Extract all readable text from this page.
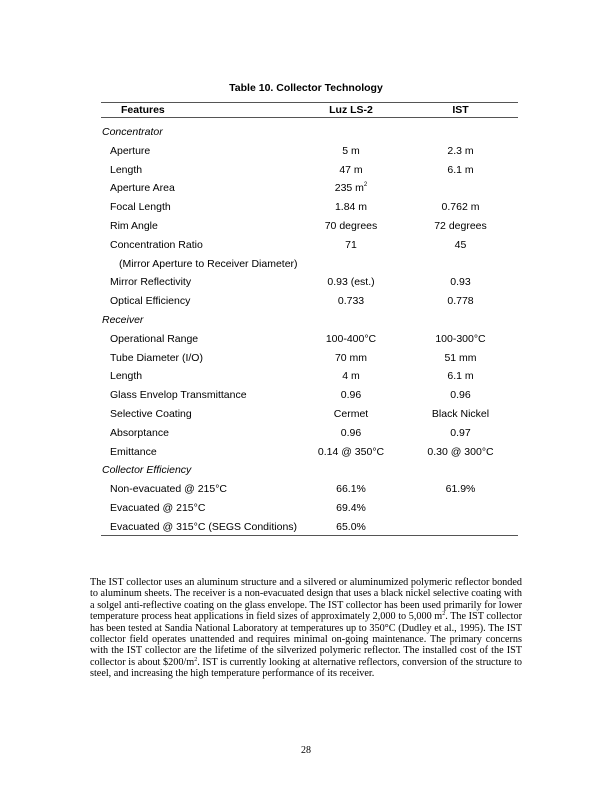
Table 10. Collector Technology
Features	Luz LS-2	IST
Concentrator
Aperture	5 m	2.3 m
Length	47 m	6.1 m
Aperture Area	235 $m^2$
Focal Length	1.84 m	0.762 m
Rim Angle	70 degrees	72 degrees
Concentration Ratio	71	45
(Mirror Aperture to Receiver Diameter)
Mirror Reflectivity	0.93 (est.)	0.93
Optical Efficiency	0.733	0.778
Receiver
Operational Range	100-400°C	100-300°C
Tube Diameter (I/O)	70 mm	51 mm
Length	4 m	6.1 m
Glass Envelop Transmittance	0.96	0.96
Selective Coating	Cermet	Black Nickel
Absorptance	0.96	0.97
Emittance	0.14 @ 350°C	0.30 @ 300°C
Collector Efficiency
Non-evacuated @ 215°C	66.1%	61.9%
Evacuated @ 215°C	69.4%
Evacuated @ 315°C (SEGS Conditions)	65.0%

The IST collector uses an aluminum structure and a silvered or aluminumized polymeric reflector bonded to aluminum sheets. The receiver is a non-evacuated design that uses a black nickel selective coating with a solgel anti-reflective coating on the glass envelope. The IST collector has been used primarily for lower temperature process heat applications in field sizes of approximately 2,000 to 5,000 $m^2$. The IST collector has been tested at Sandia National Laboratory at temperatures up to 350°C (Dudley et al., 1995). The IST collector field operates unattended and requires minimal on-going maintenance. The primary concerns with the IST collector are the lifetime of the silverized polymeric reflector. The installed cost of the IST collector is about $\$200/m^2$. IST is currently looking at alternative reflectors, conversion of the structure to steel, and increasing the high temperature performance of its receiver.

28
